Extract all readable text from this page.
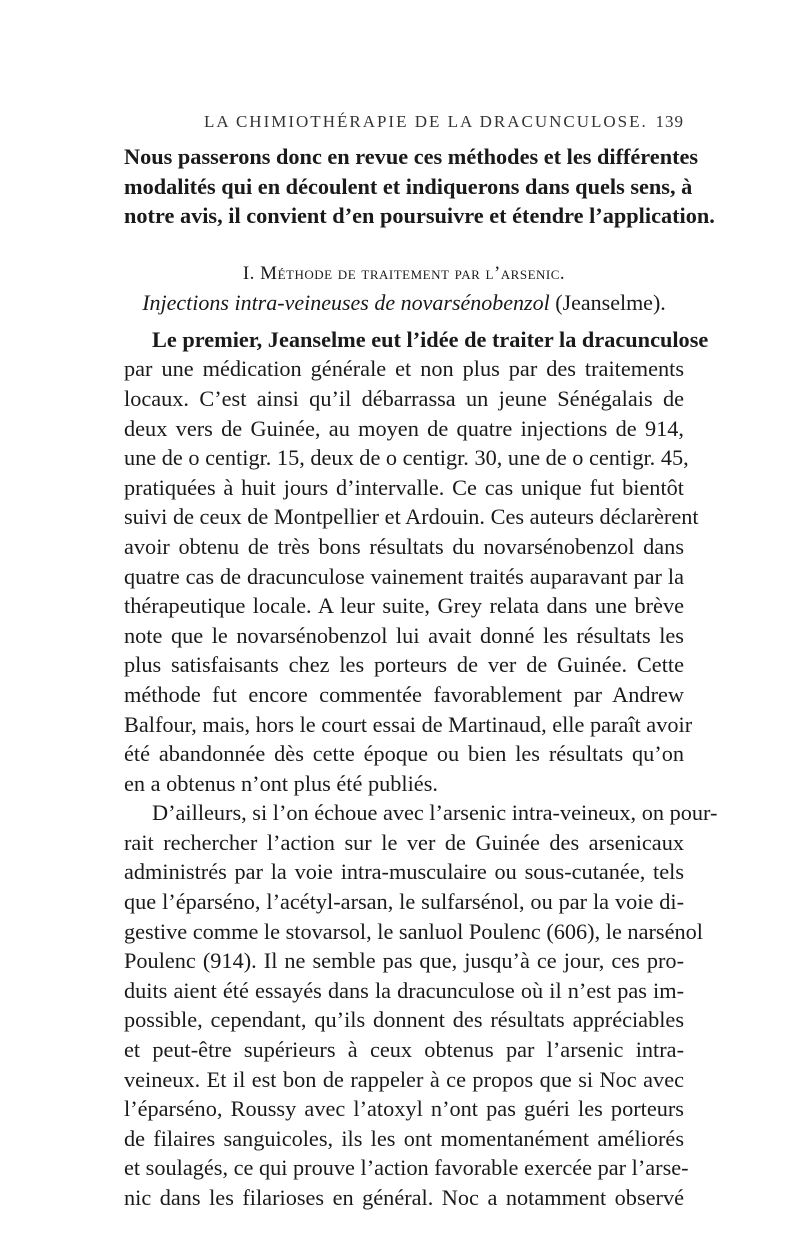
LA CHIMIOTHÉRAPIE DE LA DRACUNCULOSE. 139

Nous passerons donc en revue ces méthodes et les différentes
modalités qui en découlent et indiquerons dans quels sens, à
notre avis, il convient d’en poursuivre et étendre l’application.

I. Méthode de traitement par l’arsenic.
Injections intra-veineuses de novarsénobenzol (Jeanselme).

Le premier, Jeanselme eut l’idée de traiter la dracunculose
par une médication générale et non plus par des traitements
locaux. C’est ainsi qu’il débarrassa un jeune Sénégalais de
deux vers de Guinée, au moyen de quatre injections de 914,
une de o centigr. 15, deux de o centigr. 30, une de o centigr. 45,
pratiquées à huit jours d’intervalle. Ce cas unique fut bientôt
suivi de ceux de Montpellier et Ardouin. Ces auteurs déclarèrent
avoir obtenu de très bons résultats du novarsénobenzol dans
quatre cas de dracunculose vainement traités auparavant par la
thérapeutique locale. A leur suite, Grey relata dans une brève
note que le novarsénobenzol lui avait donné les résultats les
plus satisfaisants chez les porteurs de ver de Guinée. Cette
méthode fut encore commentée favorablement par Andrew
Balfour, mais, hors le court essai de Martinaud, elle paraît avoir
été abandonnée dès cette époque ou bien les résultats qu’on
en a obtenus n’ont plus été publiés.

D’ailleurs, si l’on échoue avec l’arsenic intra-veineux, on pour-
rait rechercher l’action sur le ver de Guinée des arsenicaux
administrés par la voie intra-musculaire ou sous-cutanée, tels
que l’éparséno, l’acétyl-arsan, le sulfarsénol, ou par la voie di-
gestive comme le stovarsol, le sanluol Poulenc (606), le narsénol
Poulenc (914). Il ne semble pas que, jusqu’à ce jour, ces pro-
duits aient été essayés dans la dracunculose où il n’est pas im-
possible, cependant, qu’ils donnent des résultats appréciables
et peut-être supérieurs à ceux obtenus par l’arsenic intra-
veineux. Et il est bon de rappeler à ce propos que si Noc avec
l’éparséno, Roussy avec l’atoxyl n’ont pas guéri les porteurs
de filaires sanguicoles, ils les ont momentanément améliorés
et soulagés, ce qui prouve l’action favorable exercée par l’arse-
nic dans les filarioses en général. Noc a notamment observé
